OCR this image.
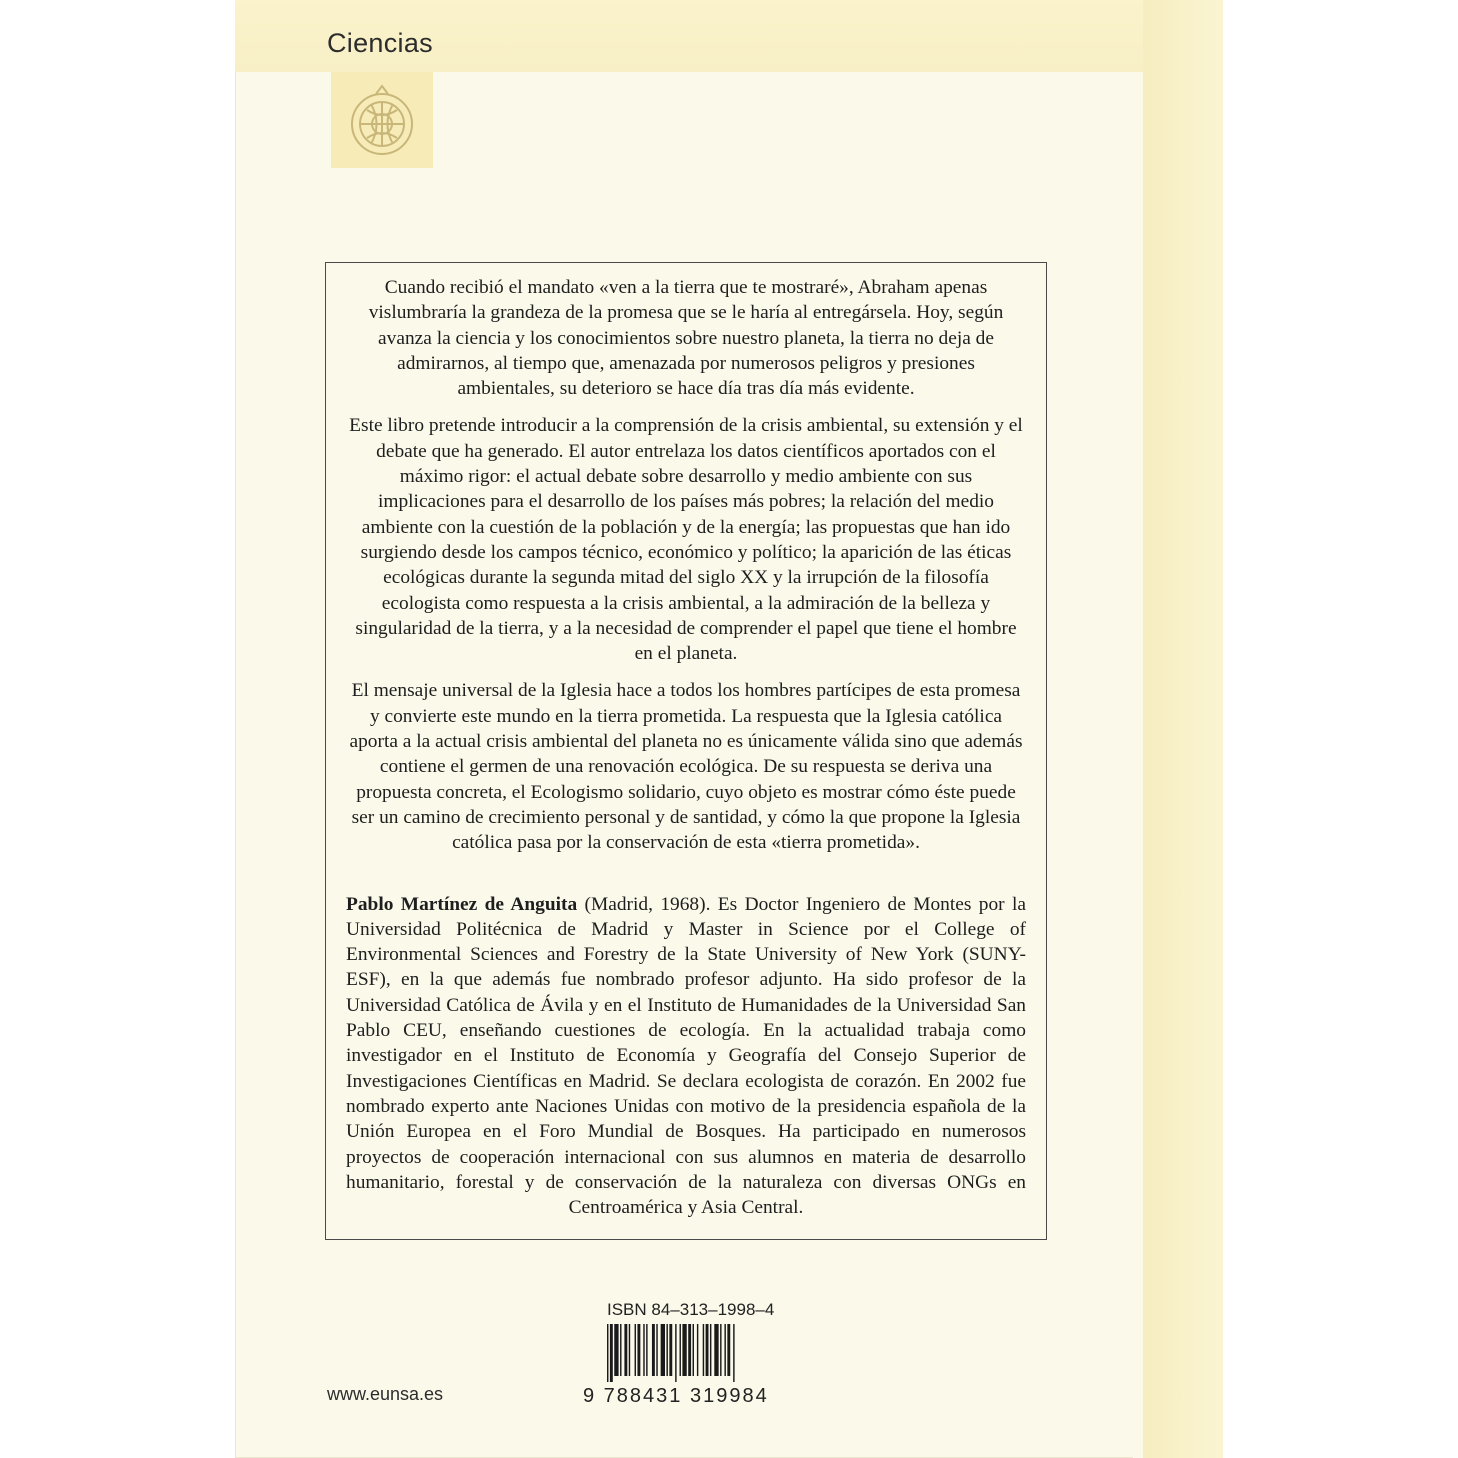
Ciencias

Cuando recibió el mandato «ven a la tierra que te mostraré», Abraham apenas vislumbraría la grandeza de la promesa que se le haría al entregársela. Hoy, según avanza la ciencia y los conocimientos sobre nuestro planeta, la tierra no deja de admirarnos, al tiempo que, amenazada por numerosos peligros y presiones ambientales, su deterioro se hace día tras día más evidente.

Este libro pretende introducir a la comprensión de la crisis ambiental, su extensión y el debate que ha generado. El autor entrelaza los datos científicos aportados con el máximo rigor: el actual debate sobre desarrollo y medio ambiente con sus implicaciones para el desarrollo de los países más pobres; la relación del medio ambiente con la cuestión de la población y de la energía; las propuestas que han ido surgiendo desde los campos técnico, económico y político; la aparición de las éticas ecológicas durante la segunda mitad del siglo XX y la irrupción de la filosofía ecologista como respuesta a la crisis ambiental, a la admiración de la belleza y singularidad de la tierra, y a la necesidad de comprender el papel que tiene el hombre en el planeta.

El mensaje universal de la Iglesia hace a todos los hombres partícipes de esta promesa y convierte este mundo en la tierra prometida. La respuesta que la Iglesia católica aporta a la actual crisis ambiental del planeta no es únicamente válida sino que además contiene el germen de una renovación ecológica. De su respuesta se deriva una propuesta concreta, el Ecologismo solidario, cuyo objeto es mostrar cómo éste puede ser un camino de crecimiento personal y de santidad, y cómo la que propone la Iglesia católica pasa por la conservación de esta «tierra prometida».

Pablo Martínez de Anguita (Madrid, 1968). Es Doctor Ingeniero de Montes por la Universidad Politécnica de Madrid y Master in Science por el College of Environmental Sciences and Forestry de la State University of New York (SUNY-ESF), en la que además fue nombrado profesor adjunto. Ha sido profesor de la Universidad Católica de Ávila y en el Instituto de Humanidades de la Universidad San Pablo CEU, enseñando cuestiones de ecología. En la actualidad trabaja como investigador en el Instituto de Economía y Geografía del Consejo Superior de Investigaciones Científicas en Madrid. Se declara ecologista de corazón. En 2002 fue nombrado experto ante Naciones Unidas con motivo de la presidencia española de la Unión Europea en el Foro Mundial de Bosques. Ha participado en numerosos proyectos de cooperación internacional con sus alumnos en materia de desarrollo humanitario, forestal y de conservación de la naturaleza con diversas ONGs en Centroamérica y Asia Central.

ISBN 84–313–1998–4
9 788431 319984
www.eunsa.es
